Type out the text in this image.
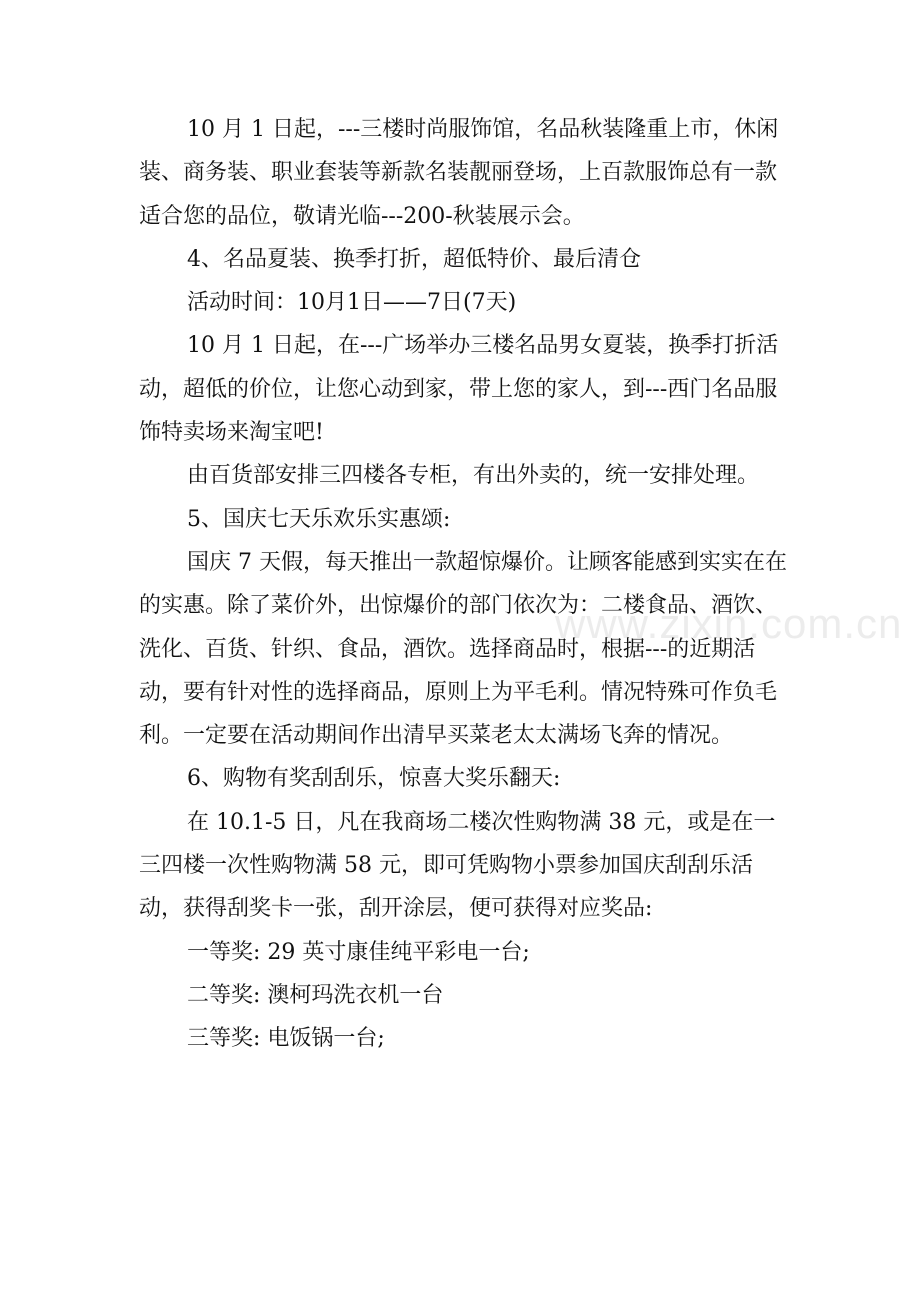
10 月 1 日起，---三楼时尚服饰馆，名品秋装隆重上市，休闲装、商务装、职业套装等新款名装靓丽登场，上百款服饰总有一款适合您的品位，敬请光临---200-秋装展示会。

4、名品夏装、换季打折，超低特价、最后清仓

活动时间：10月1日——7日(7天)

10 月 1 日起，在---广场举办三楼名品男女夏装，换季打折活动，超低的价位，让您心动到家，带上您的家人，到---西门名品服饰特卖场来淘宝吧!

由百货部安排三四楼各专柜，有出外卖的，统一安排处理。

5、国庆七天乐欢乐实惠颂:

国庆 7 天假，每天推出一款超惊爆价。让顾客能感到实实在在的实惠。除了菜价外，出惊爆价的部门依次为：二楼食品、酒饮、洗化、百货、针织、食品，酒饮。选择商品时，根据---的近期活动，要有针对性的选择商品，原则上为平毛利。情况特殊可作负毛利。一定要在活动期间作出清早买菜老太太满场飞奔的情况。

6、购物有奖刮刮乐，惊喜大奖乐翻天:

在 10.1-5 日，凡在我商场二楼次性购物满 38 元，或是在一三四楼一次性购物满 58 元，即可凭购物小票参加国庆刮刮乐活动，获得刮奖卡一张，刮开涂层，便可获得对应奖品:

一等奖: 29 英寸康佳纯平彩电一台;

二等奖: 澳柯玛洗衣机一台

三等奖: 电饭锅一台;

www.zixin.com.cn
